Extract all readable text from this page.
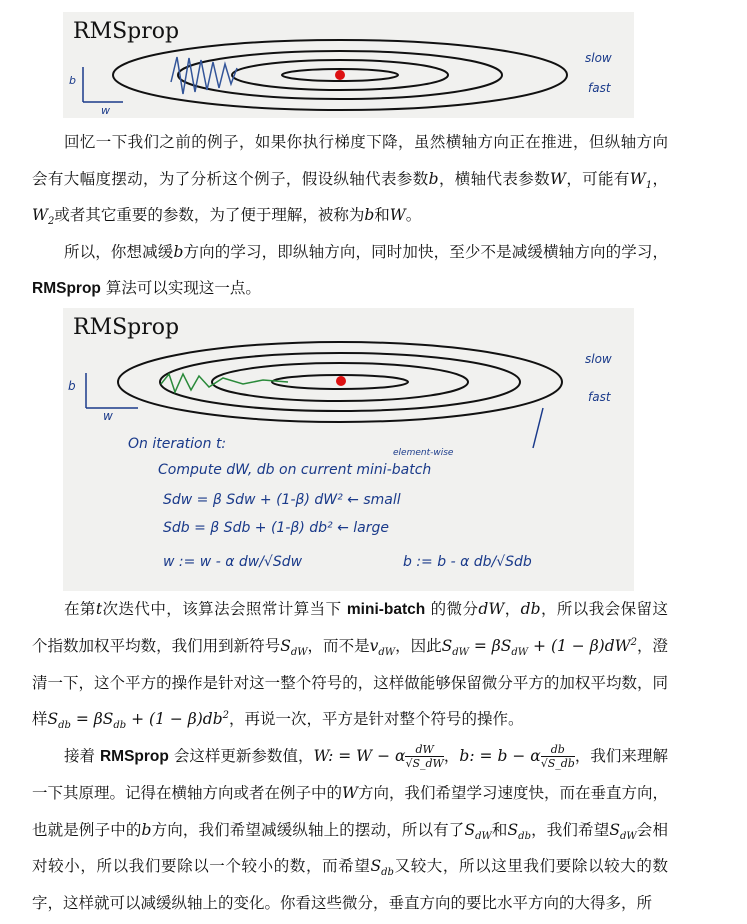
RMSprop
b
w
slow
fast
回忆一下我们之前的例子，如果你执行梯度下降，虽然横轴方向正在推进，但纵轴方向会有大幅度摆动，为了分析这个例子，假设纵轴代表参数b，横轴代表参数W，可能有$W_1$，$W_2$或者其它重要的参数，为了便于理解，被称为b和W。
所以，你想减缓b方向的学习，即纵轴方向，同时加快，至少不是减缓横轴方向的学习，RMSprop 算法可以实现这一点。
RMSprop
b
w
slow
fast
On iteration t:
Compute dW, db on current mini-batch
element-wise
Sdw = β Sdw + (1-β) dW² ← small
Sdb = β Sdb + (1-β) db² ← large
w := w - α dw/√Sdw	b := b - α db/√Sdb
在第t次迭代中，该算法会照常计算当下 mini-batch 的微分dW，db，所以我会保留这个指数加权平均数，我们用到新符号$S_{dW}$，而不是$v_{dW}$，因此$S_{dW} = \beta S_{dW} + (1 - \beta)dW^2$，澄清一下，这个平方的操作是针对这一整个符号的，这样做能够保留微分平方的加权平均数，同样$S_{db} = \beta S_{db} + (1 - \beta)db^2$，再说一次，平方是针对整个符号的操作。
接着 RMSprop 会这样更新参数值，W: = W − α $\frac{dW}{√S\_dW}$ ，b: = b − α $\frac{db}{√S\_db}$ ，我们来理解一下其原理。记得在横轴方向或者在例子中的W方向，我们希望学习速度快，而在垂直方向，也就是例子中的b方向，我们希望减缓纵轴上的摆动，所以有了$S_{dW}$和$S_{db}$，我们希望$S_{dW}$会相对较小，所以我们要除以一个较小的数，而希望$S_{db}$又较大，所以这里我们要除以较大的数字，这样就可以减缓纵轴上的变化。你看这些微分，垂直方向的要比水平方向的大得多，所
